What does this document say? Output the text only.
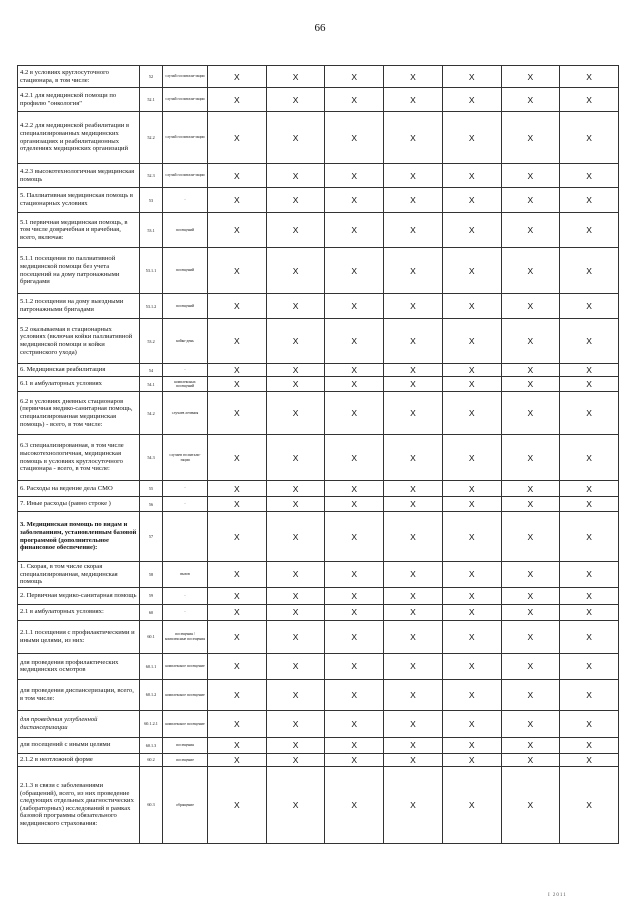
66
4.2 в условиях круглосуточного стационара, в том числе:	52	случай госпитали-зации	X	X	X	X	X	X	X
4.2.1 для медицинской помощи по профилю "онкология"	52.1	случай госпитали-зации	X	X	X	X	X	X	X
4.2.2 для медицинской реабилитации в специализированных медицинских организациях и реабилитационных отделениях медицинских организаций	52.2	случай госпитали-зации	X	X	X	X	X	X	X
4.2.3 высокотехнологичная медицинская помощь	52.3	случай госпитали-зации	X	X	X	X	X	X	X
5. Паллиативная медицинская помощь в стационарных условиях	53	-	X	X	X	X	X	X	X
5.1 первичная медицинская помощь, в том числе доврачебная и врачебная, всего, включая:	53.1	посещений	X	X	X	X	X	X	X
5.1.1 посещения по паллиативной медицинской помощи без учета посещений на дому патронажными бригадами	53.1.1	посещений	X	X	X	X	X	X	X
5.1.2 посещения на дому выездными патронажными бригадами	53.1.2	посещений	X	X	X	X	X	X	X
5.2 оказываемая в стационарных условиях (включая койки паллиативной медицинской помощи и койки сестринского ухода)	53.2	койко-день	X	X	X	X	X	X	X
6. Медицинская реабилитация	54	-	X	X	X	X	X	X	X
6.1 в амбулаторных условиях	54.1	комплексных посещений	X	X	X	X	X	X	X
6.2 в условиях дневных стационаров (первичная медико-санитарная помощь, специализированная медицинская помощь) - всего, в том числе:	54.2	случаев лечения	X	X	X	X	X	X	X
6.3 специализированная, в том числе высокотехнологичная, медицинская помощь в условиях круглосуточного стационара - всего, в том числе:	54.3	случаев госпитали-зации	X	X	X	X	X	X	X
6. Расходы на ведение дела СМО	55	-	X	X	X	X	X	X	X
7. Иные расходы (равно строке )	56	-	X	X	X	X	X	X	X
3. Медицинская помощь по видам и заболеваниям, установленным базовой программой (дополнительное финансовое обеспечение):	57		X	X	X	X	X	X	X
1. Скорая, в том числе скорая специализированная, медицинская помощь	58	вызов	X	X	X	X	X	X	X
2. Первичная медико-санитарная помощь	59	-	X	X	X	X	X	X	X
2.1 в амбулаторных условиях:	60	-	X	X	X	X	X	X	X
2.1.1 посещения с профилактическими и иными целями, из них:	60.1	посещения / комплексные посещения	X	X	X	X	X	X	X
для проведения профилактических медицинских осмотров	60.1.1	комплексное посещение	X	X	X	X	X	X	X
для проведения диспансеризации, всего, в том числе:	60.1.2	комплексное посещение	X	X	X	X	X	X	X
для проведения углубленной диспансеризации	60.1.2.1	комплексное посещение	X	X	X	X	X	X	X
для посещений с иными целями	60.1.3	посещения	X	X	X	X	X	X	X
2.1.2 в неотложной форме	60.2	посещение	X	X	X	X	X	X	X
2.1.3 в связи с заболеваниями (обращений), всего, из них проведение следующих отдельных диагностических (лабораторных) исследований в рамках базовой программы обязательного медицинского страхования:	60.3	обращение	X	X	X	X	X	X	X
I 2011
